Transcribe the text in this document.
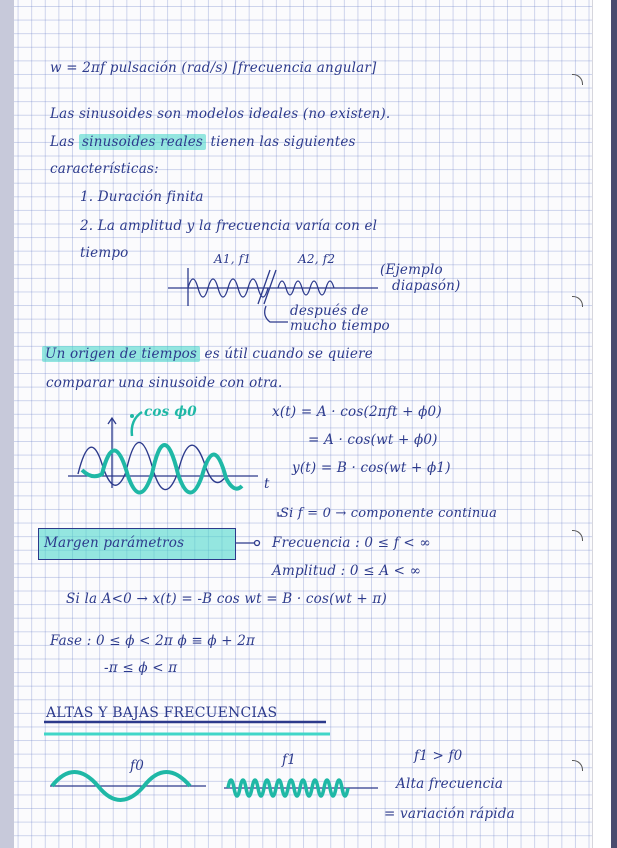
w = 2πf pulsación (rad/s) [frecuencia angular]
Las sinusoides son modelos ideales (no existen).
Las sinusoides reales tienen las siguientes
características:
1. Duración finita
2. La amplitud y la frecuencia varía con el
tiempo	A1, f1	A2, f2
(Ejemplo
diapasón)
después de
mucho tiempo
Un origen de tiempos es útil cuando se quiere
comparar una sinusoide con otra.
cos ϕ0	x(t) = A · cos(2πft + ϕ0)
= A · cos(wt + ϕ0)
y(t) = B · cos(wt + ϕ1)
t
Si f = 0 → componente continua
Margen parámetros	Frecuencia : 0 ≤ f < ∞
Amplitud : 0 ≤ A < ∞
Si la A<0 → x(t) = -B cos wt = B · cos(wt + π)
Fase : 0 ≤ ϕ < 2π ϕ ≡ ϕ + 2π
-π ≤ ϕ < π
ALTAS Y BAJAS FRECUENCIAS
f0	f1	f1 > f0
Alta frecuencia
= variación rápida
